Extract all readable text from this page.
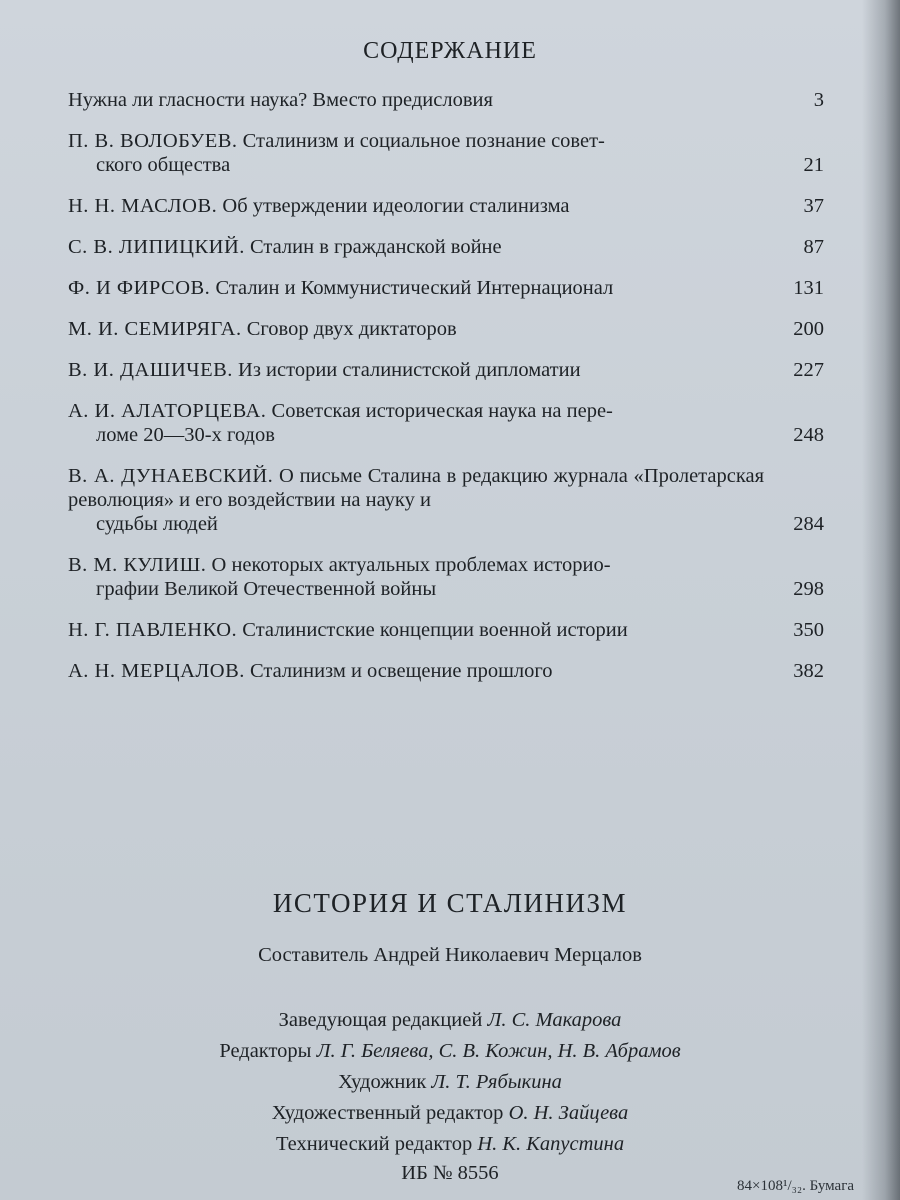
СОДЕРЖАНИЕ
Нужна ли гласности наука? Вместо предисловия	3
П. В. ВОЛОБУЕВ. Сталинизм и социальное познание совет-
ского общества	21
Н. Н. МАСЛОВ. Об утверждении идеологии сталинизма	37
С. В. ЛИПИЦКИЙ. Сталин в гражданской войне	87
Ф. И ФИРСОВ. Сталин и Коммунистический Интернационал	131
М. И. СЕМИРЯГА. Сговор двух диктаторов	200
В. И. ДАШИЧЕВ. Из истории сталинистской дипломатии	227
А. И. АЛАТОРЦЕВА. Советская историческая наука на пере-
ломе 20—30-х годов	248
В. А. ДУНАЕВСКИЙ. О письме Сталина в редакцию журнала «Пролетарская революция» и его воздействии на науку и
судьбы людей	284
В. М. КУЛИШ. О некоторых актуальных проблемах историо-
графии Великой Отечественной войны	298
Н. Г. ПАВЛЕНКО. Сталинистские концепции военной истории	350
А. Н. МЕРЦАЛОВ. Сталинизм и освещение прошлого	382
ИСТОРИЯ И СТАЛИНИЗМ
Составитель Андрей Николаевич Мерцалов
Заведующая редакцией Л. С. Макарова
Редакторы Л. Г. Беляева, С. В. Кожин, Н. В. Абрамов
Художник Л. Т. Рябыкина
Художественный редактор О. Н. Зайцева
Технический редактор Н. К. Капустина
ИБ № 8556
84×108¹/₃₂. Бумага
